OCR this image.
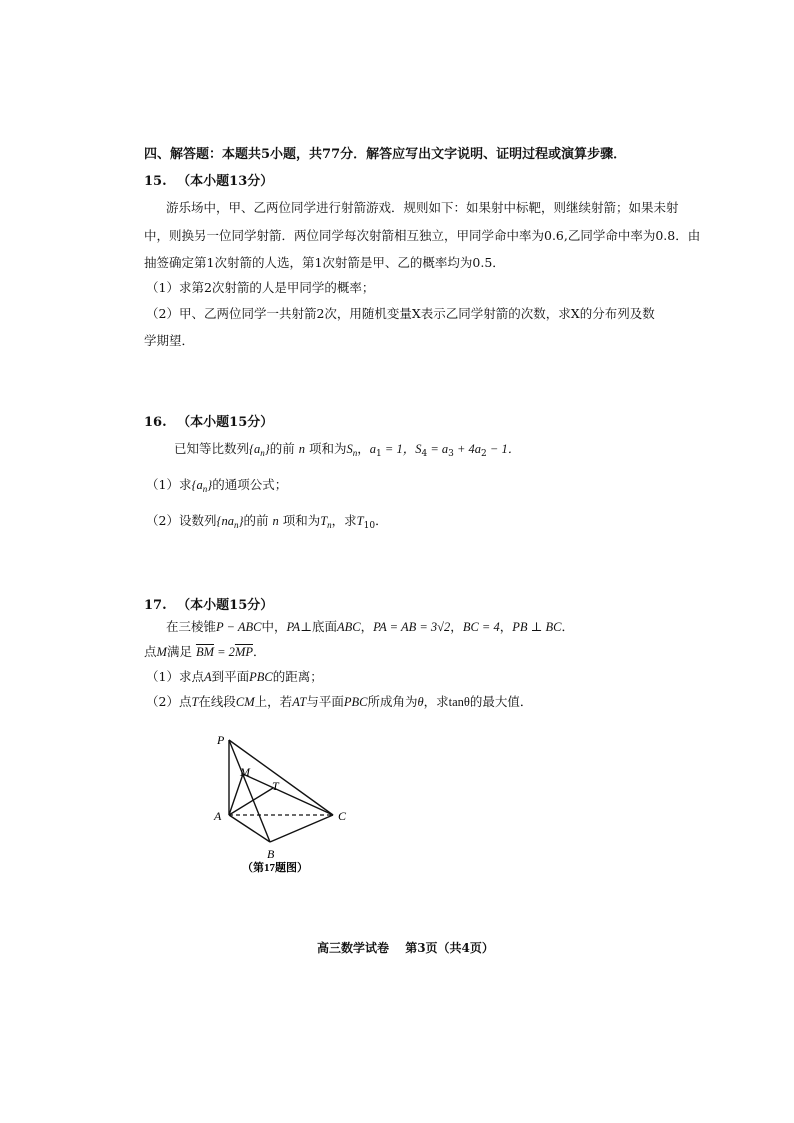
四、解答题：本题共5小题，共77分．解答应写出文字说明、证明过程或演算步骤．
15. （本小题13分）
游乐场中，甲、乙两位同学进行射箭游戏．规则如下：如果射中标靶，则继续射箭；如果未射
中，则换另一位同学射箭．两位同学每次射箭相互独立，甲同学命中率为0.6,乙同学命中率为0.8．由
抽签确定第1次射箭的人选，第1次射箭是甲、乙的概率均为0.5．
（1）求第2次射箭的人是甲同学的概率；
（2）甲、乙两位同学一共射箭2次，用随机变量X表示乙同学射箭的次数，求X的分布列及数
学期望．
16. （本小题15分）
已知等比数列$\{a_n\}$的前 n 项和为$S_n$，$a_1 = 1$，$S_4 = a_3 + 4a_2 - 1$．
（1）求$\{a_n\}$的通项公式；
（2）设数列$\{na_n\}$的前 n 项和为$T_n$，求$T_{10}$．
17. （本小题15分）
在三棱锥P − ABC中，PA⊥底面ABC，PA = AB = 3√2，BC = 4，PB ⊥ BC．
点M满足 $\overline{BM} = 2\overline{MP}$．
（1）求点A到平面PBC的距离；
（2）点T在线段CM上，若AT与平面PBC所成角为θ，求tanθ的最大值．
P
M
T
A	C
B
（第17题图）
高三数学试卷 第3页（共4页）
